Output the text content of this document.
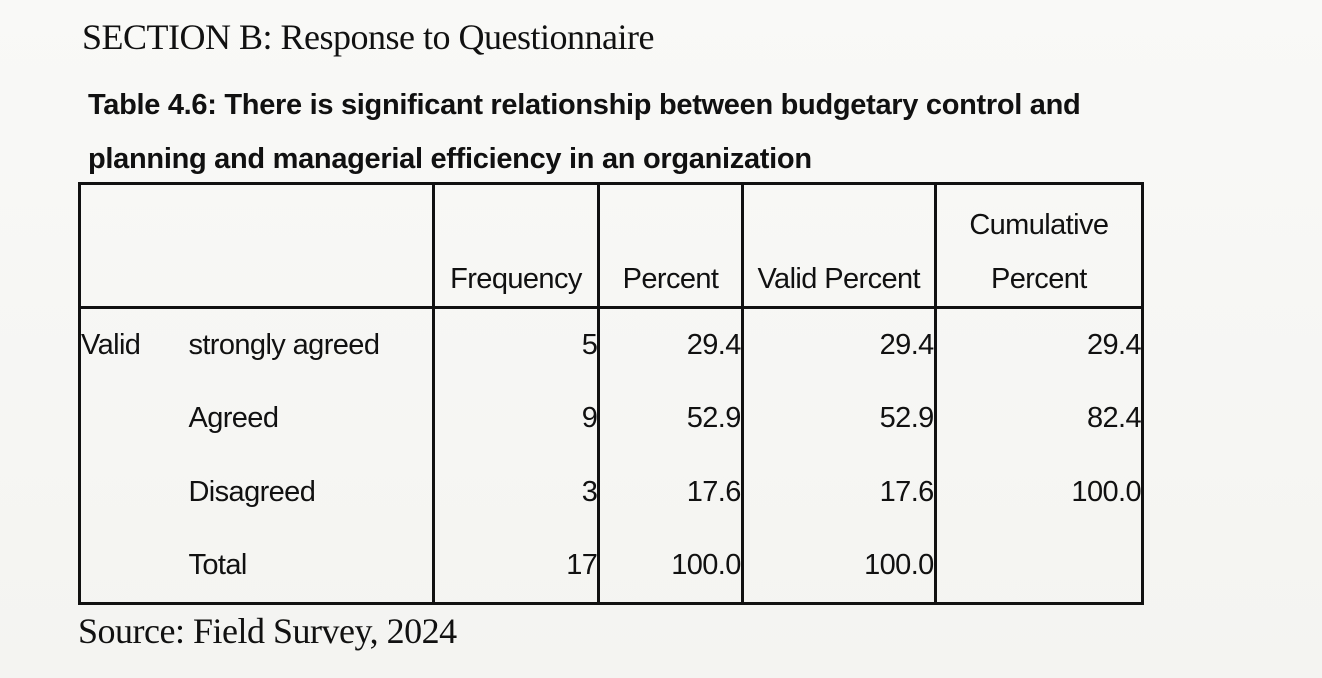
SECTION B: Response to Questionnaire
Table 4.6: There is significant relationship between budgetary control and planning and managerial efficiency in an organization
		Frequency	Percent	Valid Percent	Cumulative
Percent
Valid	strongly agreed	5	29.4	29.4	29.4
	Agreed	9	52.9	52.9	82.4
	Disagreed	3	17.6	17.6	100.0
	Total	17	100.0	100.0	
Source: Field Survey, 2024
